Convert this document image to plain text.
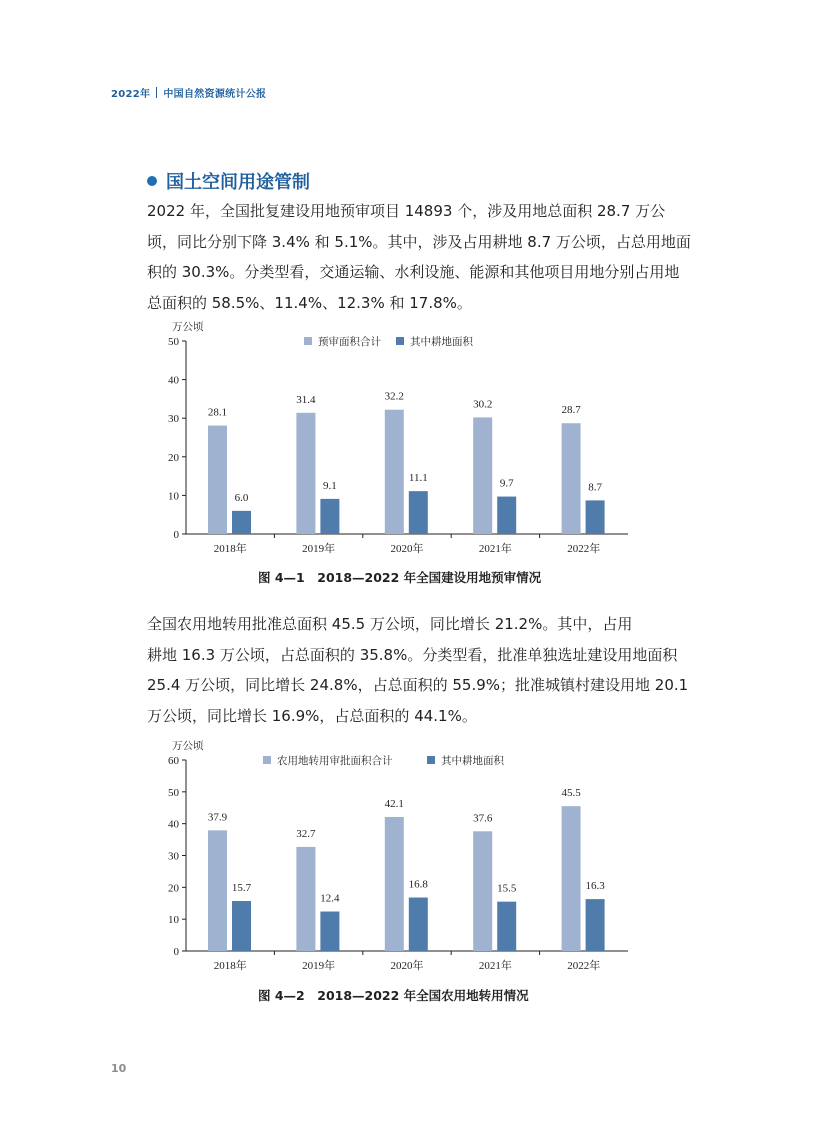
2022年 中国自然资源统计公报
国土空间用途管制

2022 年，全国批复建设用地预审项目 14893 个，涉及用地总面积 28.7 万公
顷，同比分别下降 3.4% 和 5.1%。其中，涉及占用耕地 8.7 万公顷，占总用地面
积的 30.3%。分类型看，交通运输、水利设施、能源和其他项目用地分别占用地
总面积的 58.5%、11.4%、12.3% 和 17.8%。

0
10
20
30
40
50
万公顷
2018年
28.1
6.0
2019年
31.4
9.1
2020年
32.2
11.1
2021年
30.2
9.7
2022年
28.7
8.7
预审面积合计	其中耕地面积
图 4—1　2018—2022 年全国建设用地预审情况

全国农用地转用批准总面积 45.5 万公顷，同比增长 21.2%。其中，占用
耕地 16.3 万公顷，占总面积的 35.8%。分类型看，批准单独选址建设用地面积
25.4 万公顷，同比增长 24.8%，占总面积的 55.9%；批准城镇村建设用地 20.1
万公顷，同比增长 16.9%，占总面积的 44.1%。

0
10
20
30
40
50
60
万公顷
2018年
37.9
15.7
2019年
32.7
12.4
2020年
42.1
16.8
2021年
37.6
15.5
2022年
45.5
16.3
农用地转用审批面积合计	其中耕地面积
图 4—2　2018—2022 年全国农用地转用情况
10
